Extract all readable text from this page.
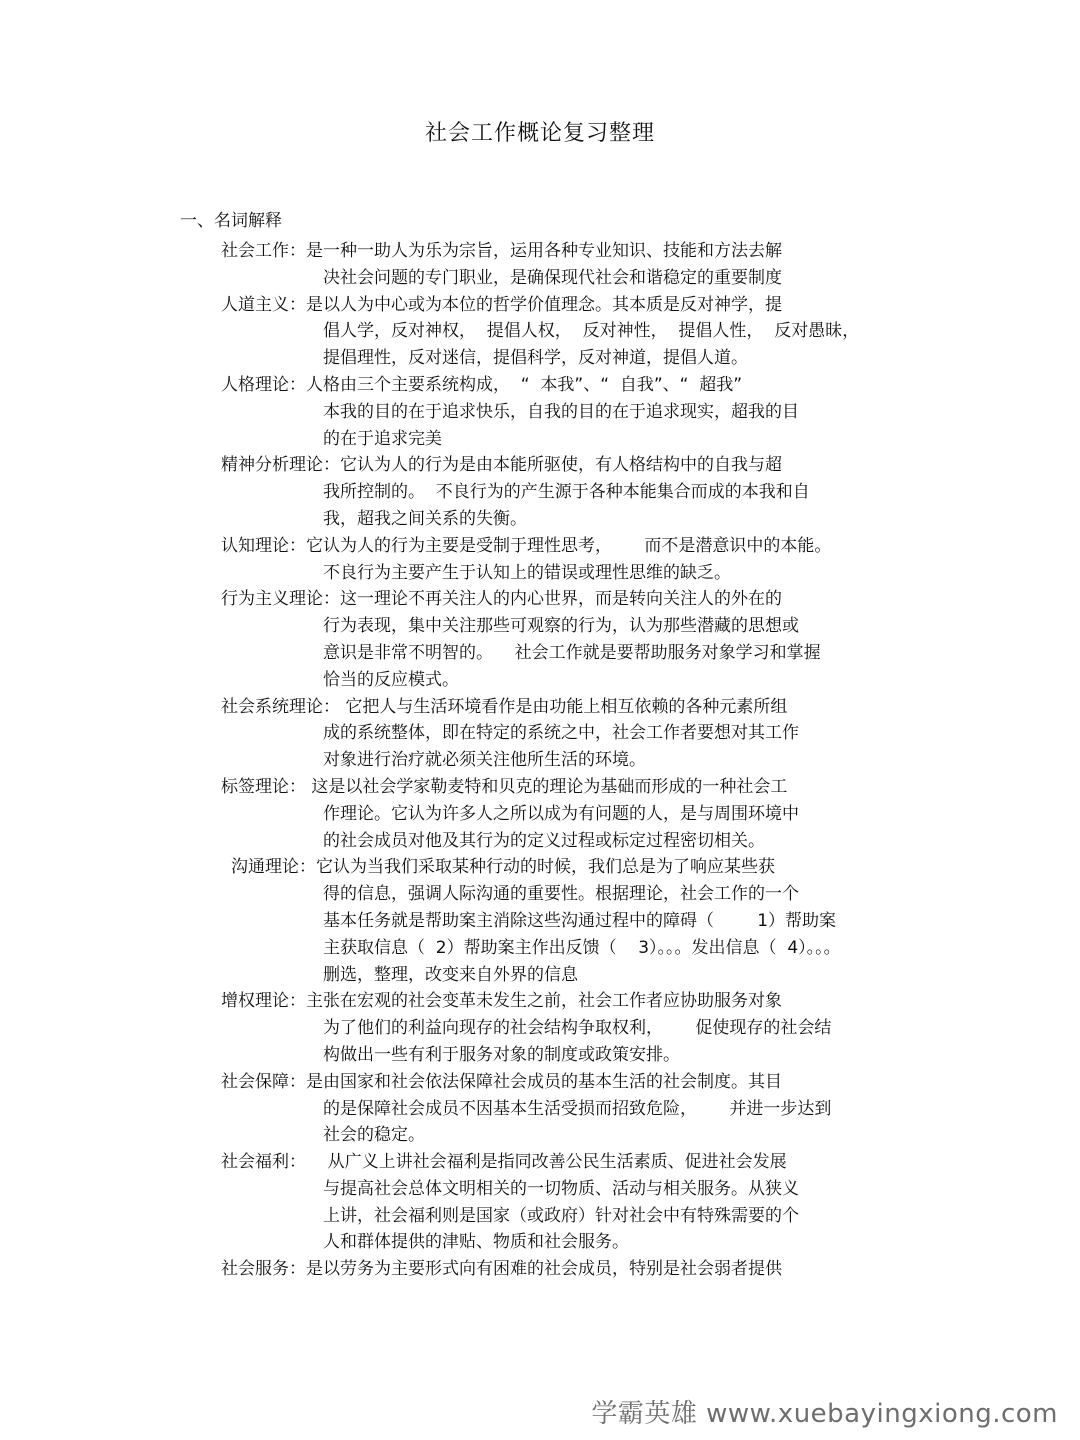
社会工作概论复习整理
一、名词解释
社会工作：是一种一助人为乐为宗旨，运用各种专业知识、技能和方法去解
决社会问题的专门职业，是确保现代社会和谐稳定的重要制度
人道主义：是以人为中心或为本位的哲学价值理念。其本质是反对神学，提
倡人学，反对神权，  提倡人权，  反对神性，  提倡人性，  反对愚昧，
提倡理性，反对迷信，提倡科学，反对神道，提倡人道。
人格理论：人格由三个主要系统构成，  “  本我”、“  自我”、“  超我”
本我的目的在于追求快乐，自我的目的在于追求现实，超我的目
的在于追求完美
精神分析理论：它认为人的行为是由本能所驱使，有人格结构中的自我与超
我所控制的。  不良行为的产生源于各种本能集合而成的本我和自
我，超我之间关系的失衡。
认知理论：它认为人的行为主要是受制于理性思考，      而不是潜意识中的本能。
不良行为主要产生于认知上的错误或理性思维的缺乏。
行为主义理论：这一理论不再关注人的内心世界，而是转向关注人的外在的
行为表现，集中关注那些可观察的行为，认为那些潜藏的思想或
意识是非常不明智的。    社会工作就是要帮助服务对象学习和掌握
恰当的反应模式。
社会系统理论： 它把人与生活环境看作是由功能上相互依赖的各种元素所组
成的系统整体，即在特定的系统之中，社会工作者要想对其工作
对象进行治疗就必须关注他所生活的环境。
标签理论： 这是以社会学家勒麦特和贝克的理论为基础而形成的一种社会工
作理论。它认为许多人之所以成为有问题的人，是与周围环境中
的社会成员对他及其行为的定义过程或标定过程密切相关。
沟通理论：它认为当我们采取某种行动的时候，我们总是为了响应某些获
得的信息，强调人际沟通的重要性。根据理论，社会工作的一个
基本任务就是帮助案主消除这些沟通过程中的障碍（        1）帮助案
主获取信息（  2）帮助案主作出反馈（    3）。。。发出信息（  4）。。。
删选，整理，改变来自外界的信息
增权理论：主张在宏观的社会变革未发生之前，社会工作者应协助服务对象
为了他们的利益向现存的社会结构争取权利，      促使现存的社会结
构做出一些有利于服务对象的制度或政策安排。
社会保障：是由国家和社会依法保障社会成员的基本生活的社会制度。其目
的是保障社会成员不因基本生活受损而招致危险，      并进一步达到
社会的稳定。
社会福利：    从广义上讲社会福利是指同改善公民生活素质、促进社会发展
与提高社会总体文明相关的一切物质、活动与相关服务。从狭义
上讲，社会福利则是国家（或政府）针对社会中有特殊需要的个
人和群体提供的津贴、物质和社会服务。
社会服务：是以劳务为主要形式向有困难的社会成员，特别是社会弱者提供
学霸英雄 www.xuebayingxiong.com
